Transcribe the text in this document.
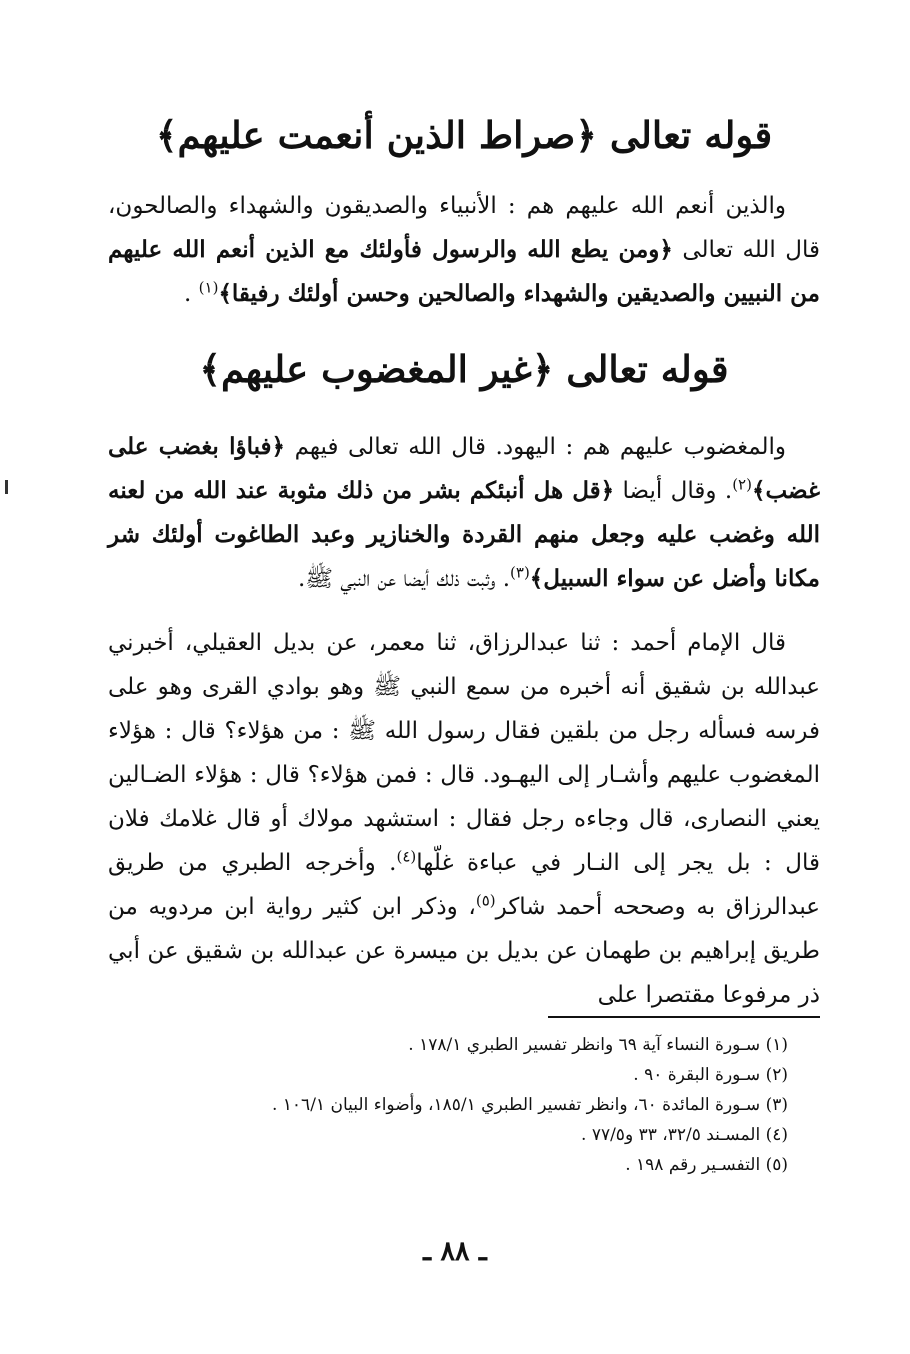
قوله تعالى ﴿صراط الذين أنعمت عليهم﴾

والذين أنعم الله عليهم هم : الأنبياء والصديقون والشهداء والصالحون، قال الله تعالى ﴿ومن يطع الله والرسول فأولئك مع الذين أنعم الله عليهم من النبيين والصديقين والشهداء والصالحين وحسن أولئك رفيقا﴾$^{(١)}$ .

قوله تعالى ﴿غير المغضوب عليهم﴾

والمغضوب عليهم هم : اليهود. قال الله تعالى فيهم ﴿فباؤا بغضب على غضب﴾$^{(٢)}$. وقال أيضا ﴿قل هل أنبئكم بشر من ذلك مثوبة عند الله من لعنه الله وغضب عليه وجعل منهم القردة والخنازير وعبد الطاغوت أولئك شر مكانا وأضل عن سواء السبيل﴾$^{(٣)}$. وثبت ذلك أيضا عن النبي ﷺ.

قال الإمام أحمد : ثنا عبدالرزاق، ثنا معمر، عن بديل العقيلي، أخبرني عبدالله بن شقيق أنه أخبره من سمع النبي ﷺ وهو بوادي القرى وهو على فرسه فسأله رجل من بلقين فقال رسول الله ﷺ : من هؤلاء؟ قال : هؤلاء المغضوب عليهم وأشـار إلى اليهـود. قال : فمن هؤلاء؟ قال : هؤلاء الضـالين يعني النصارى، قال وجاءه رجل فقال : استشهد مولاك أو قال غلامك فلان قال : بل يجر إلى النـار في عباءة غلّها$^{(٤)}$. وأخرجه الطبري من طريق عبدالرزاق به وصححه أحمد شاكر$^{(٥)}$، وذكر ابن كثير رواية ابن مردويه من طريق إبراهيم بن طهمان عن بديل بن ميسرة عن عبدالله بن شقيق عن أبي ذر مرفوعا مقتصرا على

(١) سـورة النساء آية ٦٩ وانظر تفسير الطبري ١٧٨/١ .

(٢) سـورة البقرة ٩٠ .

(٣) سـورة المائدة ٦٠، وانظر تفسير الطبري ١٨٥/١، وأضواء البيان ١٠٦/١ .

(٤) المسـند ٣٢/٥، ٣٣ و٧٧/٥ .

(٥) التفسـير رقم ١٩٨ .

ـ ٨٨ ـ
